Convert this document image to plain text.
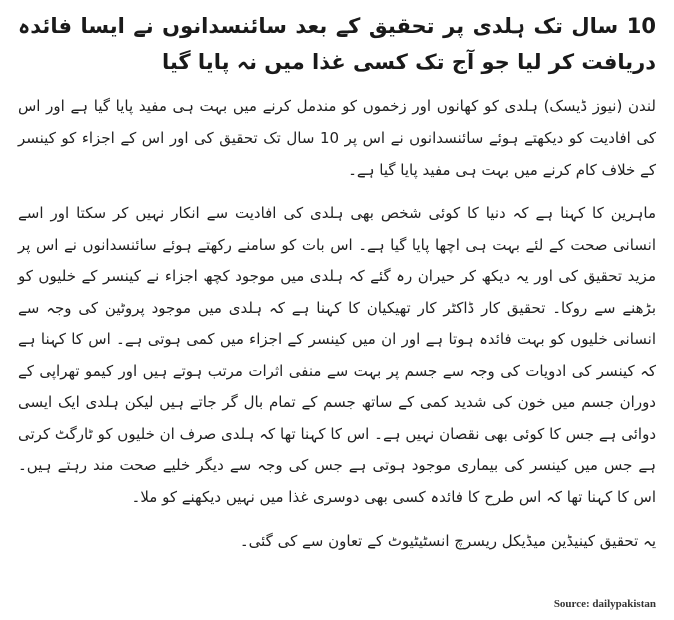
10 سال تک ہلدی پر تحقیق کے بعد سائنسدانوں نے ایسا فائدہ دریافت کر لیا جو آج تک کسی غذا میں نہ پایا گیا

لندن (نیوز ڈیسک) ہلدی کو کھانوں اور زخموں کو مندمل کرنے میں بہت ہی مفید پایا گیا ہے اور اس کی افادیت کو دیکھتے ہوئے سائنسدانوں نے اس پر 10 سال تک تحقیق کی اور اس کے اجزاء کو کینسر کے خلاف کام کرنے میں بہت ہی مفید پایا گیا ہے۔

ماہرین کا کہنا ہے کہ دنیا کا کوئی شخص بھی ہلدی کی افادیت سے انکار نہیں کر سکتا اور اسے انسانی صحت کے لئے بہت ہی اچھا پایا گیا ہے۔ اس بات کو سامنے رکھتے ہوئے سائنسدانوں نے اس پر مزید تحقیق کی اور یہ دیکھ کر حیران رہ گئے کہ ہلدی میں موجود کچھ اجزاء نے کینسر کے خلیوں کو بڑھنے سے روکا۔ تحقیق کار ڈاکٹر کار تھیکیان کا کہنا ہے کہ ہلدی میں موجود پروٹین کی وجہ سے انسانی خلیوں کو بہت فائدہ ہوتا ہے اور ان میں کینسر کے اجزاء میں کمی ہوتی ہے۔ اس کا کہنا ہے کہ کینسر کی ادویات کی وجہ سے جسم پر بہت سے منفی اثرات مرتب ہوتے ہیں اور کیمو تھراپی کے دوران جسم میں خون کی شدید کمی کے ساتھ جسم کے تمام بال گر جاتے ہیں لیکن ہلدی ایک ایسی دوائی ہے جس کا کوئی بھی نقصان نہیں ہے۔ اس کا کہنا تھا کہ ہلدی صرف ان خلیوں کو ٹارگٹ کرتی ہے جس میں کینسر کی بیماری موجود ہوتی ہے جس کی وجہ سے دیگر خلیے صحت مند رہتے ہیں۔ اس کا کہنا تھا کہ اس طرح کا فائدہ کسی بھی دوسری غذا میں نہیں دیکھنے کو ملا۔

یہ تحقیق کینیڈین میڈیکل ریسرچ انسٹیٹیوٹ کے تعاون سے کی گئی۔

Source: dailypakistan
